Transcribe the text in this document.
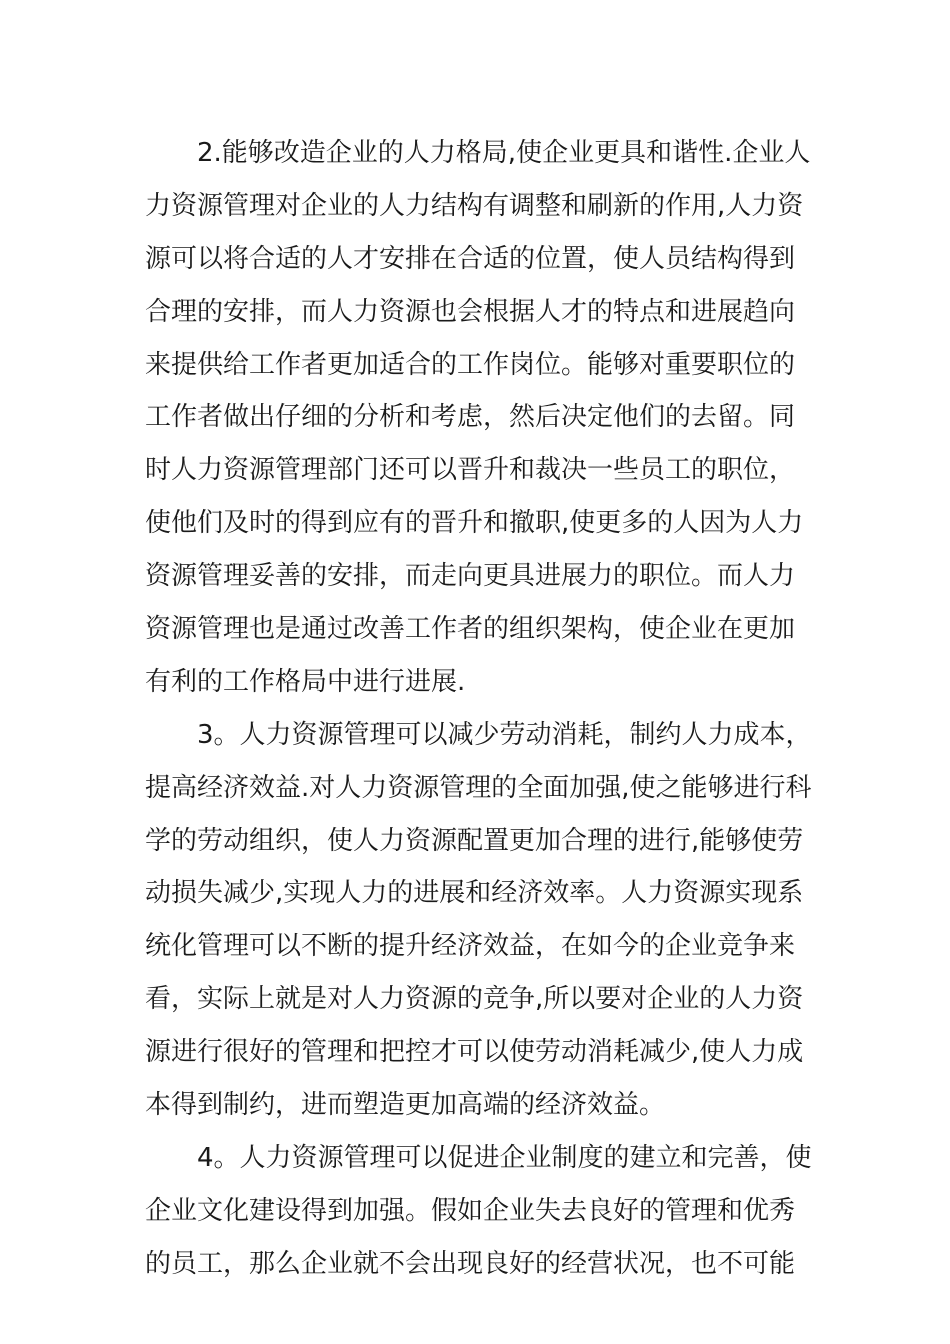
2.能够改造企业的人力格局,使企业更具和谐性.企业人
力资源管理对企业的人力结构有调整和刷新的作用,人力资
源可以将合适的人才安排在合适的位置，使人员结构得到
合理的安排，而人力资源也会根据人才的特点和进展趋向
来提供给工作者更加适合的工作岗位。能够对重要职位的
工作者做出仔细的分析和考虑，然后决定他们的去留。同
时人力资源管理部门还可以晋升和裁决一些员工的职位，
使他们及时的得到应有的晋升和撤职,使更多的人因为人力
资源管理妥善的安排，而走向更具进展力的职位。而人力
资源管理也是通过改善工作者的组织架构，使企业在更加
有利的工作格局中进行进展.
3。人力资源管理可以减少劳动消耗，制约人力成本，
提高经济效益.对人力资源管理的全面加强,使之能够进行科
学的劳动组织，使人力资源配置更加合理的进行,能够使劳
动损失减少,实现人力的进展和经济效率。人力资源实现系
统化管理可以不断的提升经济效益，在如今的企业竞争来
看，实际上就是对人力资源的竞争,所以要对企业的人力资
源进行很好的管理和把控才可以使劳动消耗减少,使人力成
本得到制约，进而塑造更加高端的经济效益。
4。人力资源管理可以促进企业制度的建立和完善，使
企业文化建设得到加强。假如企业失去良好的管理和优秀
的员工，那么企业就不会出现良好的经营状况，也不可能
